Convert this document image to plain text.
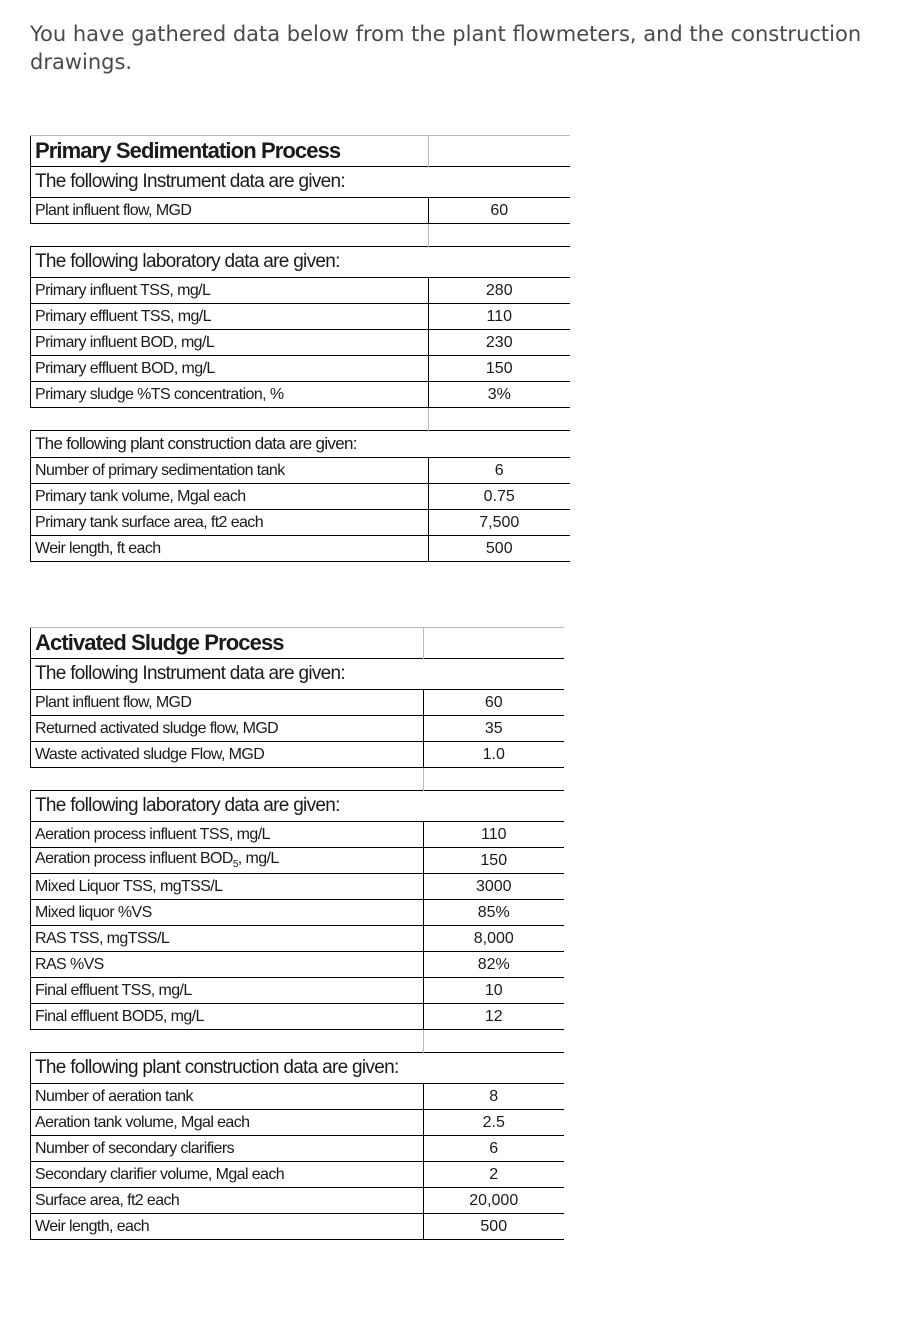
You have gathered data below from the plant flowmeters, and the construction drawings.

Primary Sedimentation Process	
The following Instrument data are given:	
Plant influent flow, MGD	60

The following laboratory data are given:	
Primary influent TSS, mg/L	280
Primary effluent TSS, mg/L	110
Primary influent BOD, mg/L	230
Primary effluent BOD, mg/L	150
Primary sludge %TS concentration, %	3%

The following plant construction data are given:	
Number of primary sedimentation tank	6
Primary tank volume, Mgal each	0.75
Primary tank surface area, ft2 each	7,500
Weir length, ft each	500
Activated Sludge Process	
The following Instrument data are given:	
Plant influent flow, MGD	60
Returned activated sludge flow, MGD	35
Waste activated sludge Flow, MGD	1.0

The following laboratory data are given:	
Aeration process influent TSS, mg/L	110
Aeration process influent $BOD_5$, mg/L	150
Mixed Liquor TSS, mgTSS/L	3000
Mixed liquor %VS	85%
RAS TSS, mgTSS/L	8,000
RAS %VS	82%
Final effluent TSS, mg/L	10
Final effluent BOD5, mg/L	12

The following plant construction data are given:	
Number of aeration tank	8
Aeration tank volume, Mgal each	2.5
Number of secondary clarifiers	6
Secondary clarifier volume, Mgal each	2
Surface area, ft2 each	20,000
Weir length, each	500
